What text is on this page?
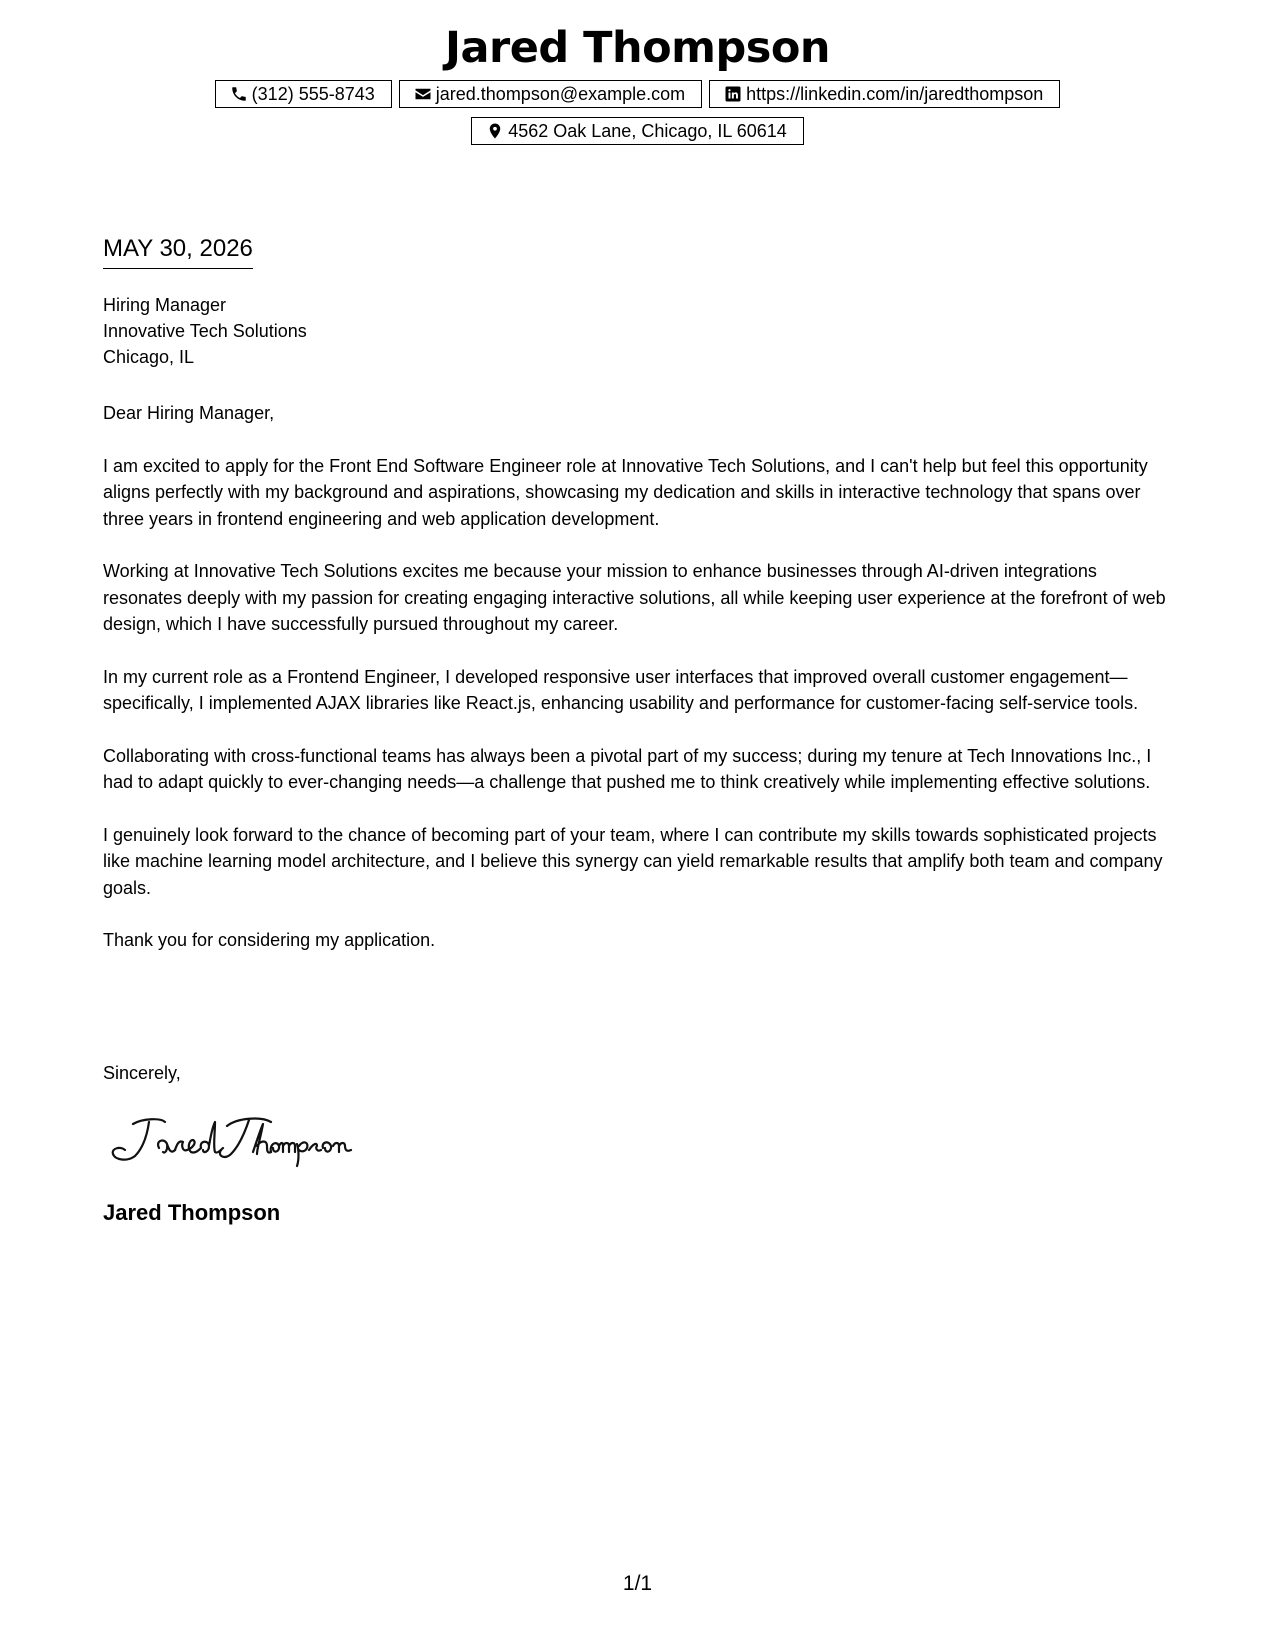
Jared Thompson
(312) 555-8743	jared.thompson@example.com	https://linkedin.com/in/jaredthompson
4562 Oak Lane, Chicago, IL 60614
MAY 30, 2026
Hiring Manager
Innovative Tech Solutions
Chicago, IL

Dear Hiring Manager,

I am excited to apply for the Front End Software Engineer role at Innovative Tech Solutions, and I can't help but feel this opportunity aligns perfectly with my background and aspirations, showcasing my dedication and skills in interactive technology that spans over three years in frontend engineering and web application development.

Working at Innovative Tech Solutions excites me because your mission to enhance businesses through AI-driven integrations resonates deeply with my passion for creating engaging interactive solutions, all while keeping user experience at the forefront of web design, which I have successfully pursued throughout my career.

In my current role as a Frontend Engineer, I developed responsive user interfaces that improved overall customer engagement—specifically, I implemented AJAX libraries like React.js, enhancing usability and performance for customer-facing self-service tools.

Collaborating with cross-functional teams has always been a pivotal part of my success; during my tenure at Tech Innovations Inc., I had to adapt quickly to ever-changing needs—a challenge that pushed me to think creatively while implementing effective solutions.

I genuinely look forward to the chance of becoming part of your team, where I can contribute my skills towards sophisticated projects like machine learning model architecture, and I believe this synergy can yield remarkable results that amplify both team and company goals.

Thank you for considering my application.

Sincerely,
Jared Thompson
1/1
